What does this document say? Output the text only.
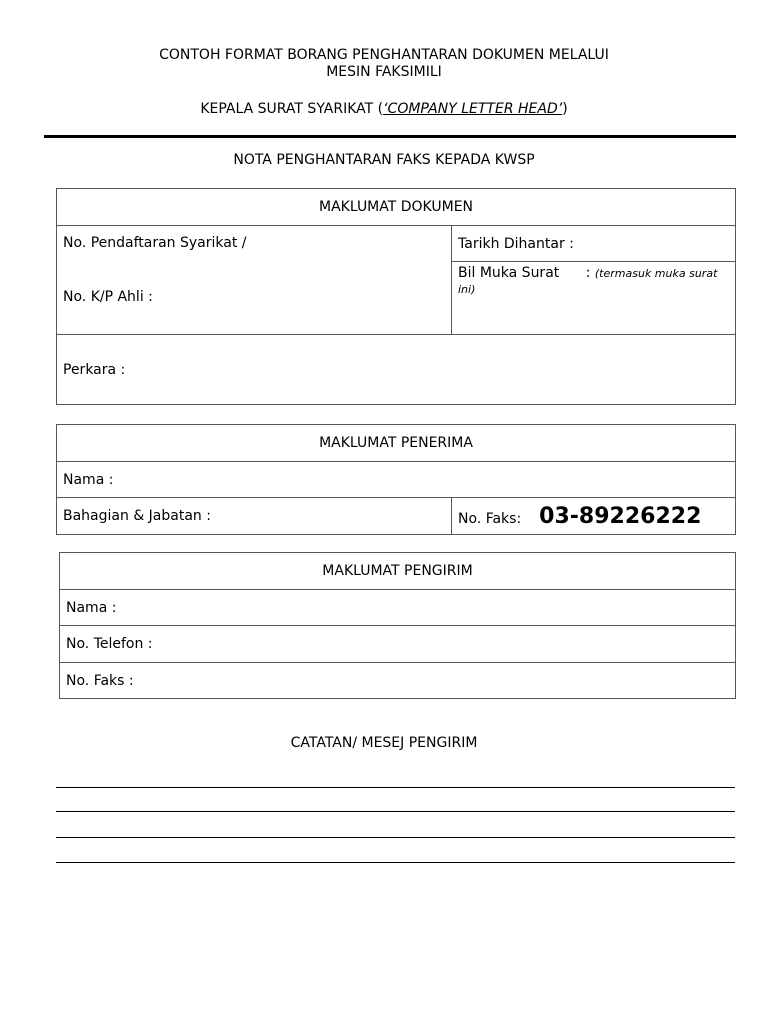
CONTOH FORMAT BORANG PENGHANTARAN DOKUMEN MELALUI
MESIN FAKSIMILI
KEPALA SURAT SYARIKAT (‘COMPANY LETTER HEAD’)
NOTA PENGHANTARAN FAKS KEPADA KWSP
MAKLUMAT DOKUMEN

No. Pendaftaran Syarikat /
No. K/P Ahli :
	Tarikh Dihantar :
Bil Muka Surat : (termasuk muka surat ini)
Perkara :
MAKLUMAT PENERIMA
Nama :
Bahagian & Jabatan :	No. Faks: 03-89226222
MAKLUMAT PENGIRIM
Nama :
No. Telefon :
No. Faks :
CATATAN/ MESEJ PENGIRIM
